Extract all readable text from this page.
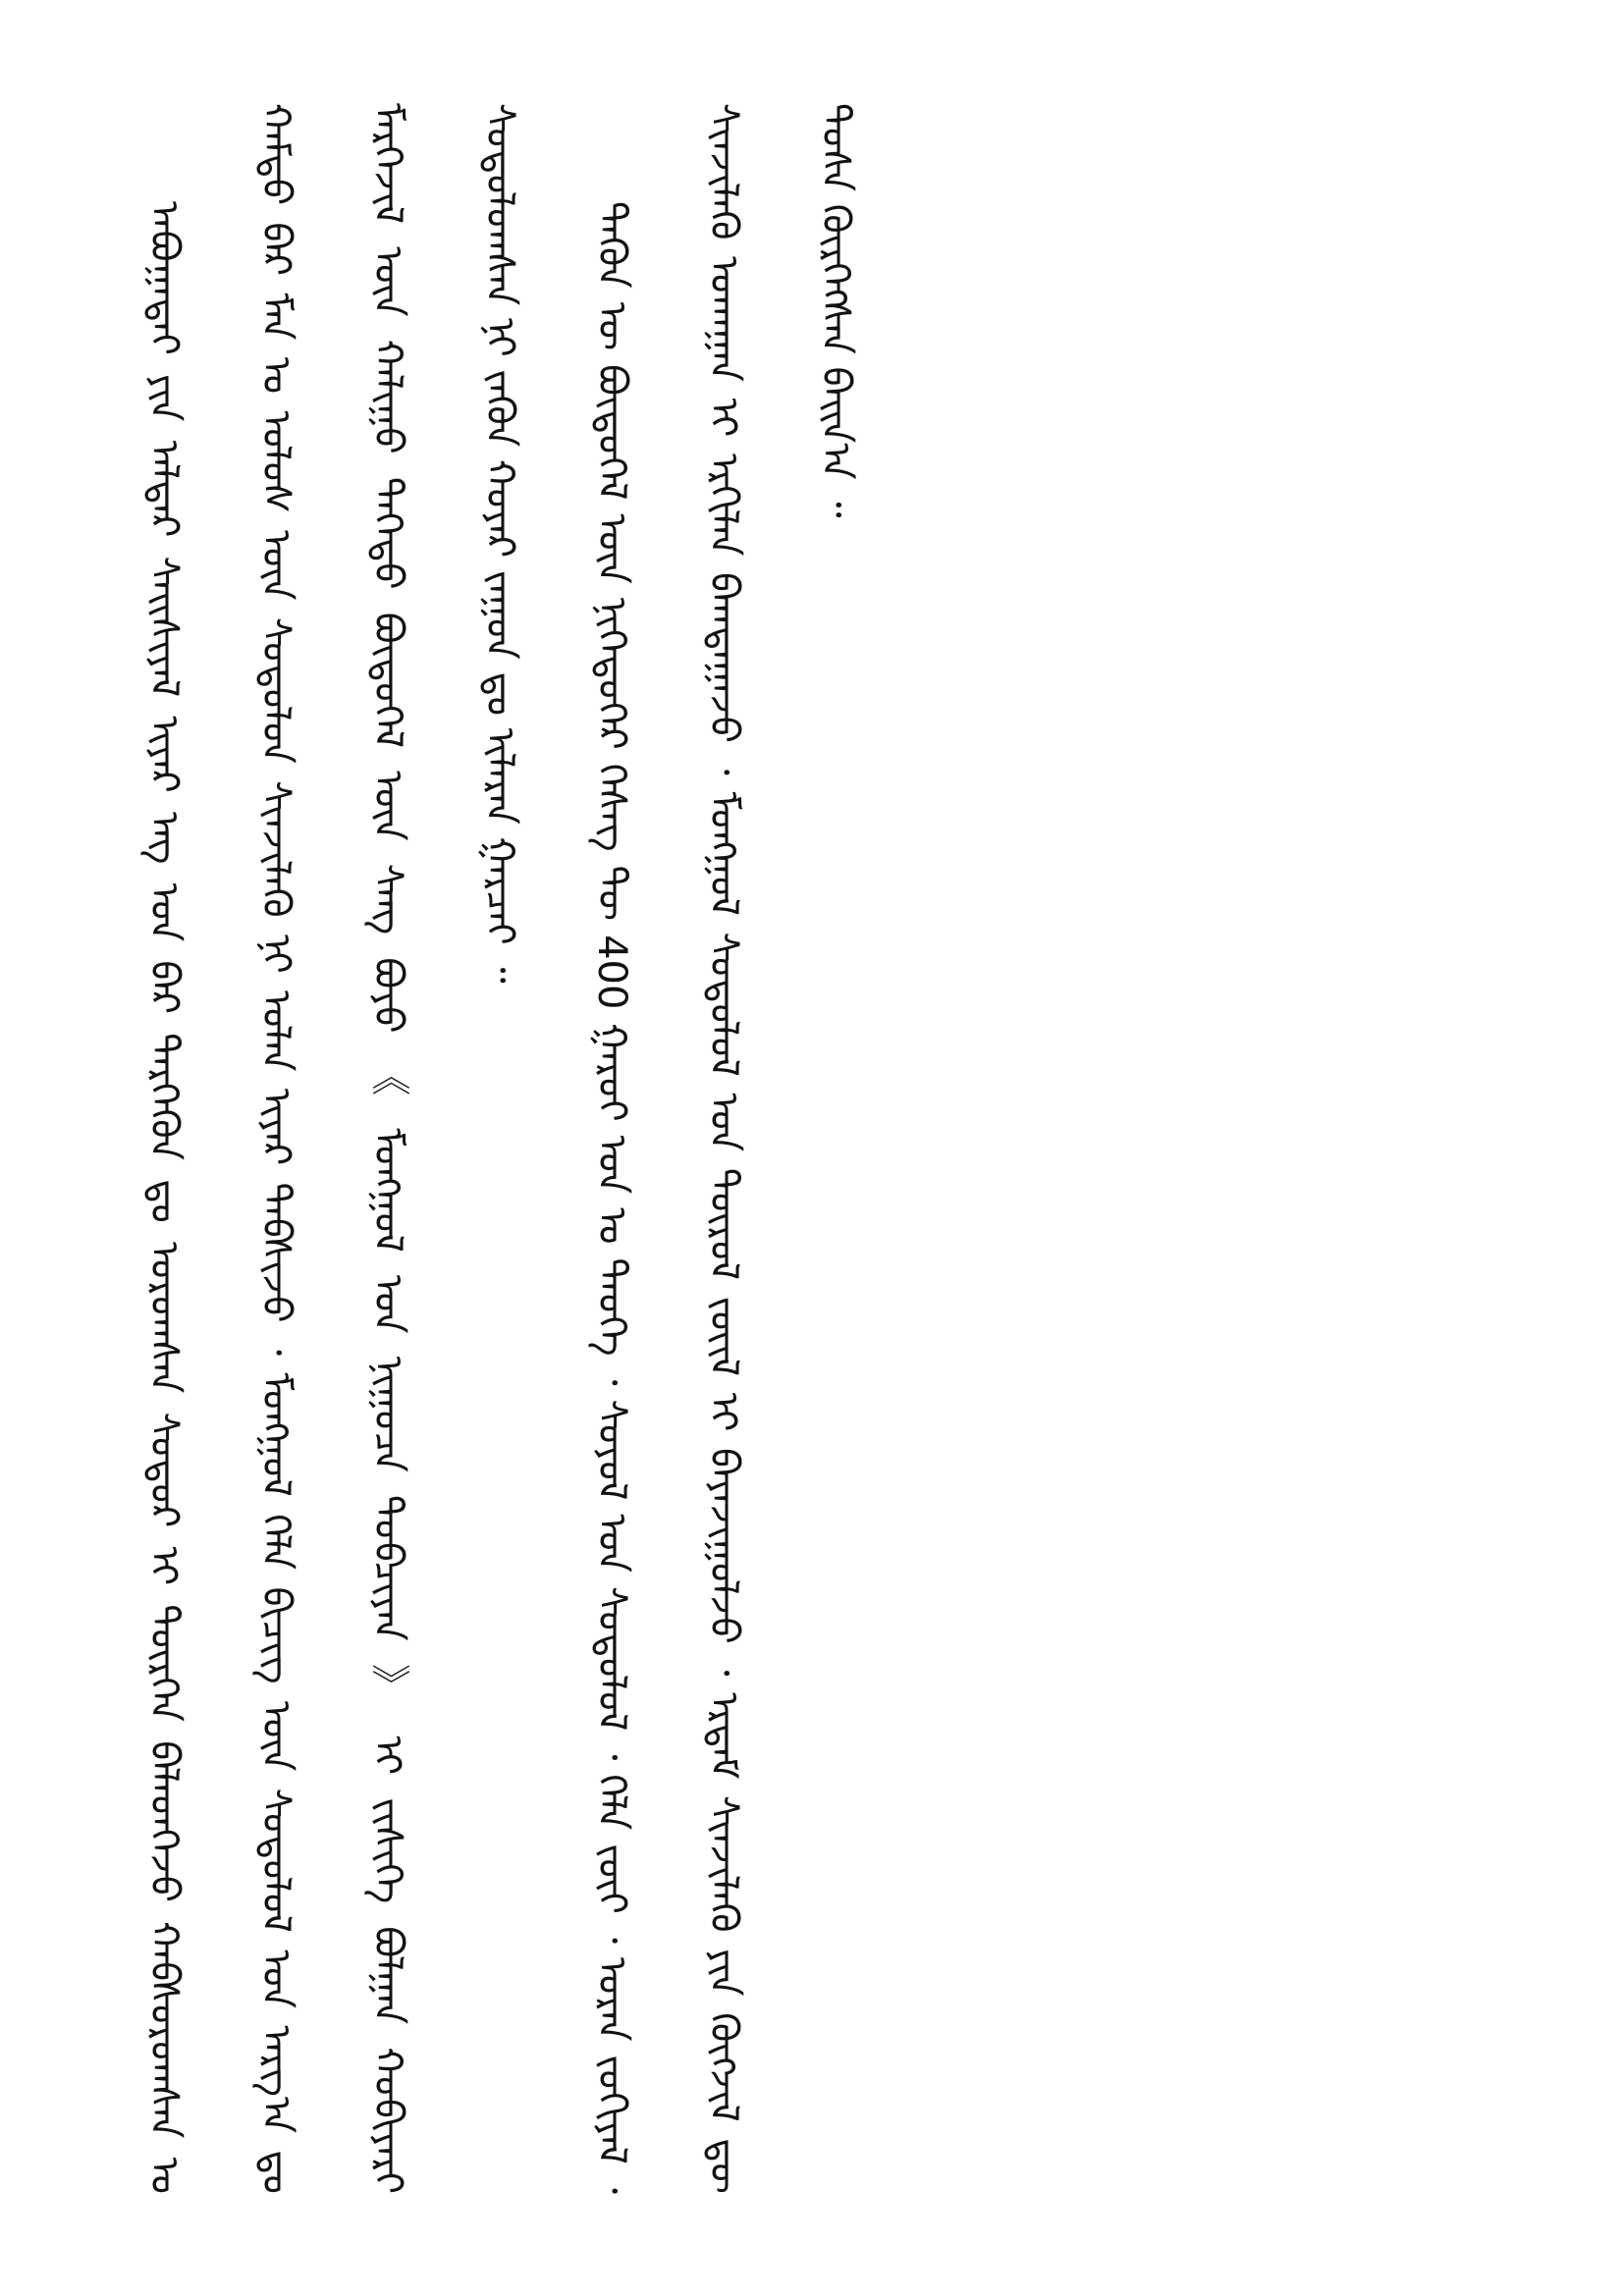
ᠠᠪᠤᠭᠠᠳᠠᠢ ᠶᠢᠨ ᠠᠯᠳᠠᠷ ᠰᠠᠢᠰᠢᠶᠠᠯ ᠢᠶᠠᠷ ᠡᠩ ᠤᠨ ᠪᠡᠷ ᠲᠡᠷᠭᠡᠭᠦᠨ ᠳᠤ ᠤᠷᠤᠭᠰᠠᠨ ᠰᠤᠳᠤᠷ ᠢ ᠲᠦᠷᠭᠡᠨ ᠪᠡᠯᠡᠳᠬᠡᠵᠦ ᠬᠠᠪᠰᠤᠷᠤᠭᠰᠠᠨ ᠤ ᠬᠠᠮᠲᠤ ᠪᠠᠷ ᠮᠠᠨ ᠤ ᠤᠯᠤᠰ ᠦᠨ ᠰᠤᠳᠤᠯᠤᠨ ᠰᠢᠨᠵᠢᠯᠡᠬᠦ ᠨᠢ ᠣᠯᠠᠨ ᠢᠶᠠᠷ ᠳᠡᠪᠰᠢᠵᠦ ᠂ ᠮᠣᠩᠭᠣᠯ ᠬᠡᠯᠡ ᠪᠢᠴᠢᠭ ᠦᠨ ᠰᠤᠳᠤᠯᠤᠯ ᠤᠨ ᠠᠷᠭ᠎ᠠ ᠳᠤ ᠮᠡᠷᠭᠡᠵᠢᠯ ᠦᠨ ᠬᠠᠯᠢᠭᠤ ᠳᠡᠭᠡᠳᠦ ᠪᠦᠲᠦᠭᠡᠯ ᠦᠨ ᠰᠠᠩ ᠪᠤᠶᠤ 《 ᠮᠣᠩᠭᠣᠯ ᠤᠨ ᠨᠢᠭᠤᠴᠠ ᠲᠤᠪᠴᠢᠶᠠᠨ 》 ᠢ ᠵᠢᠱᠢᠭᠡ ᠪᠣᠯᠭᠠᠨ ᠬᠤᠪᠢᠶᠠᠷᠢ ᠰᠤᠳᠤᠯᠤᠭᠰᠠᠨ ᠨᠢ ᠵᠡᠭᠦᠨ ᠬᠣᠶᠠᠷ ᠵᠠᠭᠤᠨ ᠳᠤ ᠢᠯᠡᠷᠡᠨ ᠭᠠᠷᠴᠠᠢ ᠃	ᠲᠡᠭᠦᠨ ᠦ ᠪᠦᠲᠦᠭᠡᠯ ᠦᠨ ᠨᠢᠭᠡᠳᠦᠭᠡᠷ ᠬᠡᠰᠡᠭ ᠲᠦ 400 ᠭᠠᠷᠤᠢ ᠣᠨ ᠤ ᠲᠡᠦᠬᠡ ᠂ ᠰᠤᠶᠤᠯ ᠤᠨ ᠰᠤᠳᠤᠯᠤᠯ ᠂ ᠬᠡᠯᠡ ᠵᠦᠢ ᠂ ᠤᠷᠠᠨ ᠵᠣᠬᠢᠶᠠᠯ ᠂ ᠰᠢᠨᠵᠢᠯᠡᠬᠦ ᠤᠬᠠᠭᠠᠨ ᠢ ᠡᠷᠬᠢᠯᠡᠨ ᠪᠠᠭᠲᠠᠭᠠᠵᠤ ᠂ ᠮᠣᠩᠭᠣᠯ ᠰᠤᠳᠤᠯᠤᠯ ᠤᠨ ᠲᠦᠷᠦᠯ ᠵᠦᠢᠯ ᠢ ᠪᠠᠶᠠᠵᠢᠭᠤᠯᠵᠤ ᠂ ᠡᠷᠳᠡᠮ ᠰᠢᠨᠵᠢᠯᠡᠬᠦ ᠶᠢᠨ ᠬᠥᠭᠵᠢᠯ ᠳᠦ ᠲᠤᠰᠠ ᠬᠦᠷᠭᠡᠭᠰᠡᠨ ᠪᠠᠢᠨ᠎ᠠ ᠃
